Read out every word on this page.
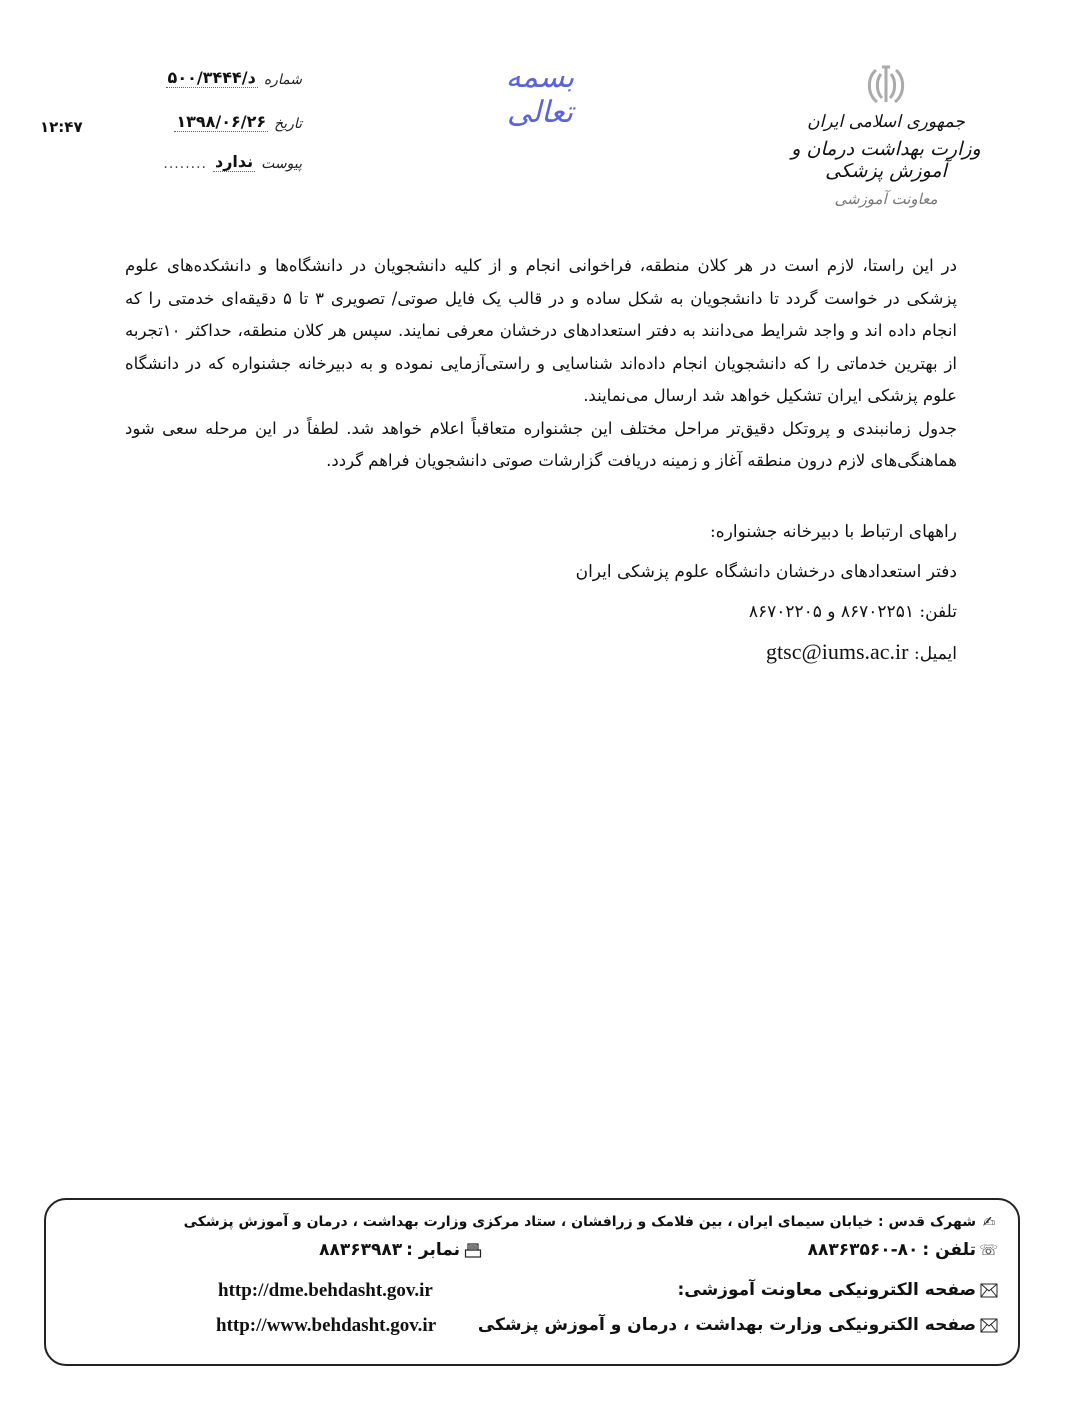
۱۲:۴۷
شماره
د/۵۰۰/۳۴۴۴
تاریخ
۱۳۹۸/۰۶/۲۶
پیوست
ندارد
........
بسمه تعالی	جمهوری اسلامی ایران
وزارت بهداشت درمان و آموزش پزشکی
معاونت آموزشی

در این راستا، لازم است در هر کلان منطقه، فراخوانی انجام و از کلیه دانشجویان در دانشگاه‌ها و دانشکده‌های علوم پزشکی در خواست گردد تا دانشجویان به شکل ساده و در قالب یک فایل صوتی/ تصویری ۳ تا ۵ دقیقه‌ای خدمتی را که انجام داده اند و واجد شرایط می‌دانند به دفتر استعدادهای درخشان معرفی نمایند. سپس هر کلان منطقه، حداکثر ۱۰تجربه از بهترین خدماتی را که دانشجویان انجام داده‌اند شناسایی و راستی‌آزمایی نموده و به دبیرخانه جشنواره که در دانشگاه علوم پزشکی ایران تشکیل خواهد شد ارسال می‌نمایند.

جدول زمانبندی و پروتکل دقیق‌تر مراحل مختلف این جشنواره متعاقباً اعلام خواهد شد. لطفاً در این مرحله سعی شود هماهنگی‌های لازم درون منطقه آغاز و زمینه دریافت گزارشات صوتی دانشجویان فراهم گردد.

راههای ارتباط با دبیرخانه جشنواره:
دفتر استعدادهای درخشان دانشگاه علوم پزشکی ایران
تلفن: ۸۶۷۰۲۲۵۱ و ۸۶۷۰۲۲۰۵
ایمیل: gtsc@iums.ac.ir
✍
شهرک قدس : خیابان سیمای ایران ، بین فلامک و زرافشان ، ستاد مرکزی وزارت بهداشت ، درمان و آموزش پزشکی
☏
تلفن :
۸۸۳۶۳۵۶۰-۸۰
نمابر :
۸۸۳۶۳۹۸۳
صفحه الکترونیکی معاونت آموزشی:
http://dme.behdasht.gov.ir
صفحه الکترونیکی وزارت بهداشت ، درمان و آموزش پزشکی
http://www.behdasht.gov.ir
